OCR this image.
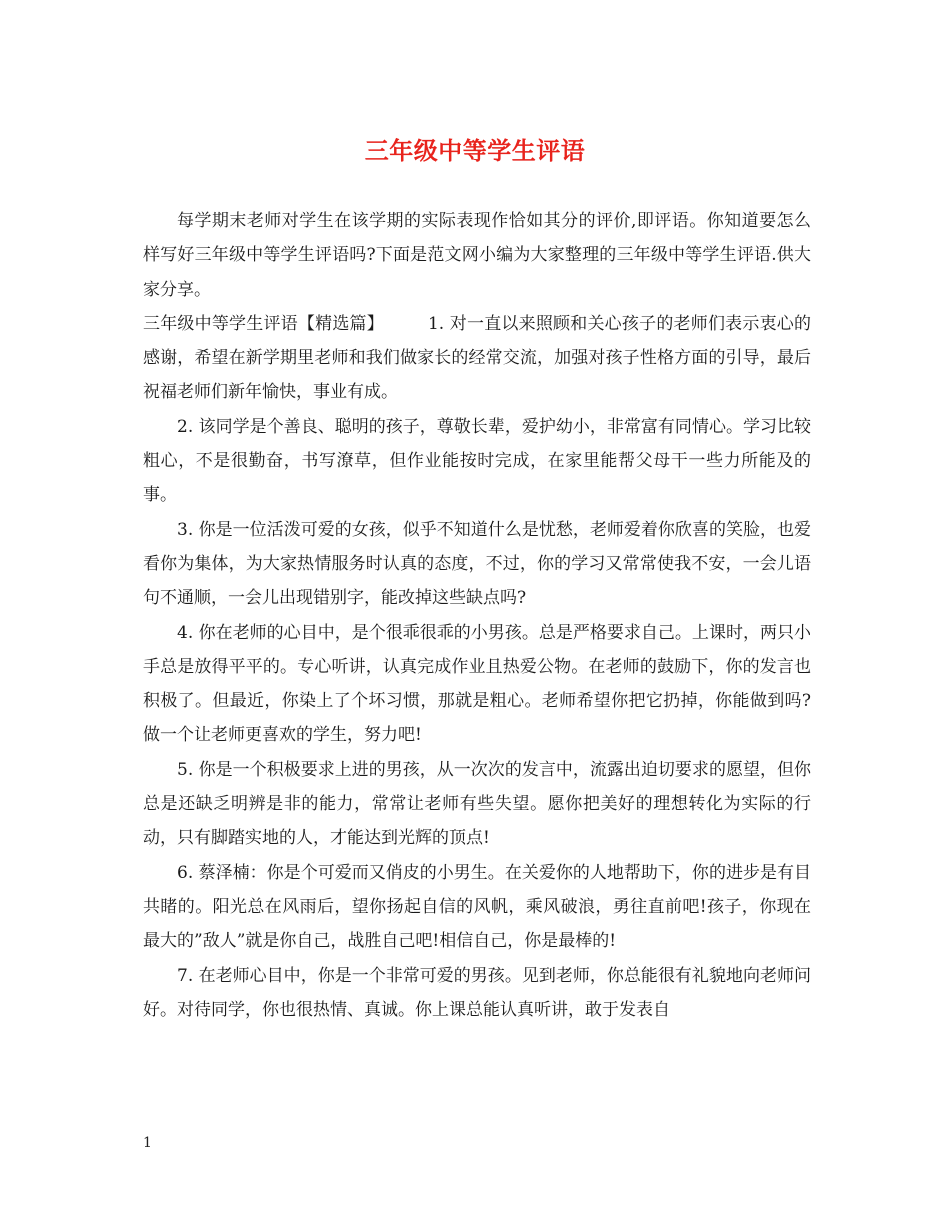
三年级中等学生评语

每学期末老师对学生在该学期的实际表现作恰如其分的评价,即评语。你知道要怎么样写好三年级中等学生评语吗?下面是范文网小编为大家整理的三年级中等学生评语.供大家分享。

三年级中等学生评语【精选篇】	1. 对一直以来照顾和关心孩子的老师们表示衷心的感谢，希望在新学期里老师和我们做家长的经常交流，加强对孩子性格方面的引导，最后祝福老师们新年愉快，事业有成。

2. 该同学是个善良、聪明的孩子，尊敬长辈，爱护幼小，非常富有同情心。学习比较粗心，不是很勤奋，书写潦草，但作业能按时完成，在家里能帮父母干一些力所能及的事。

3. 你是一位活泼可爱的女孩，似乎不知道什么是忧愁，老师爱着你欣喜的笑脸，也爱看你为集体，为大家热情服务时认真的态度，不过，你的学习又常常使我不安，一会儿语句不通顺，一会儿出现错别字，能改掉这些缺点吗?

4. 你在老师的心目中，是个很乖很乖的小男孩。总是严格要求自己。上课时，两只小手总是放得平平的。专心听讲，认真完成作业且热爱公物。在老师的鼓励下，你的发言也积极了。但最近，你染上了个坏习惯，那就是粗心。老师希望你把它扔掉，你能做到吗?做一个让老师更喜欢的学生，努力吧!

5. 你是一个积极要求上进的男孩，从一次次的发言中，流露出迫切要求的愿望，但你总是还缺乏明辨是非的能力，常常让老师有些失望。愿你把美好的理想转化为实际的行动，只有脚踏实地的人，才能达到光辉的顶点!

6. 蔡泽楠：你是个可爱而又俏皮的小男生。在关爱你的人地帮助下，你的进步是有目共睹的。阳光总在风雨后，望你扬起自信的风帆，乘风破浪，勇往直前吧!孩子，你现在最大的”敌人”就是你自己，战胜自己吧!相信自己，你是最棒的!

7. 在老师心目中，你是一个非常可爱的男孩。见到老师，你总能很有礼貌地向老师问好。对待同学，你也很热情、真诚。你上课总能认真听讲，敢于发表自

1
